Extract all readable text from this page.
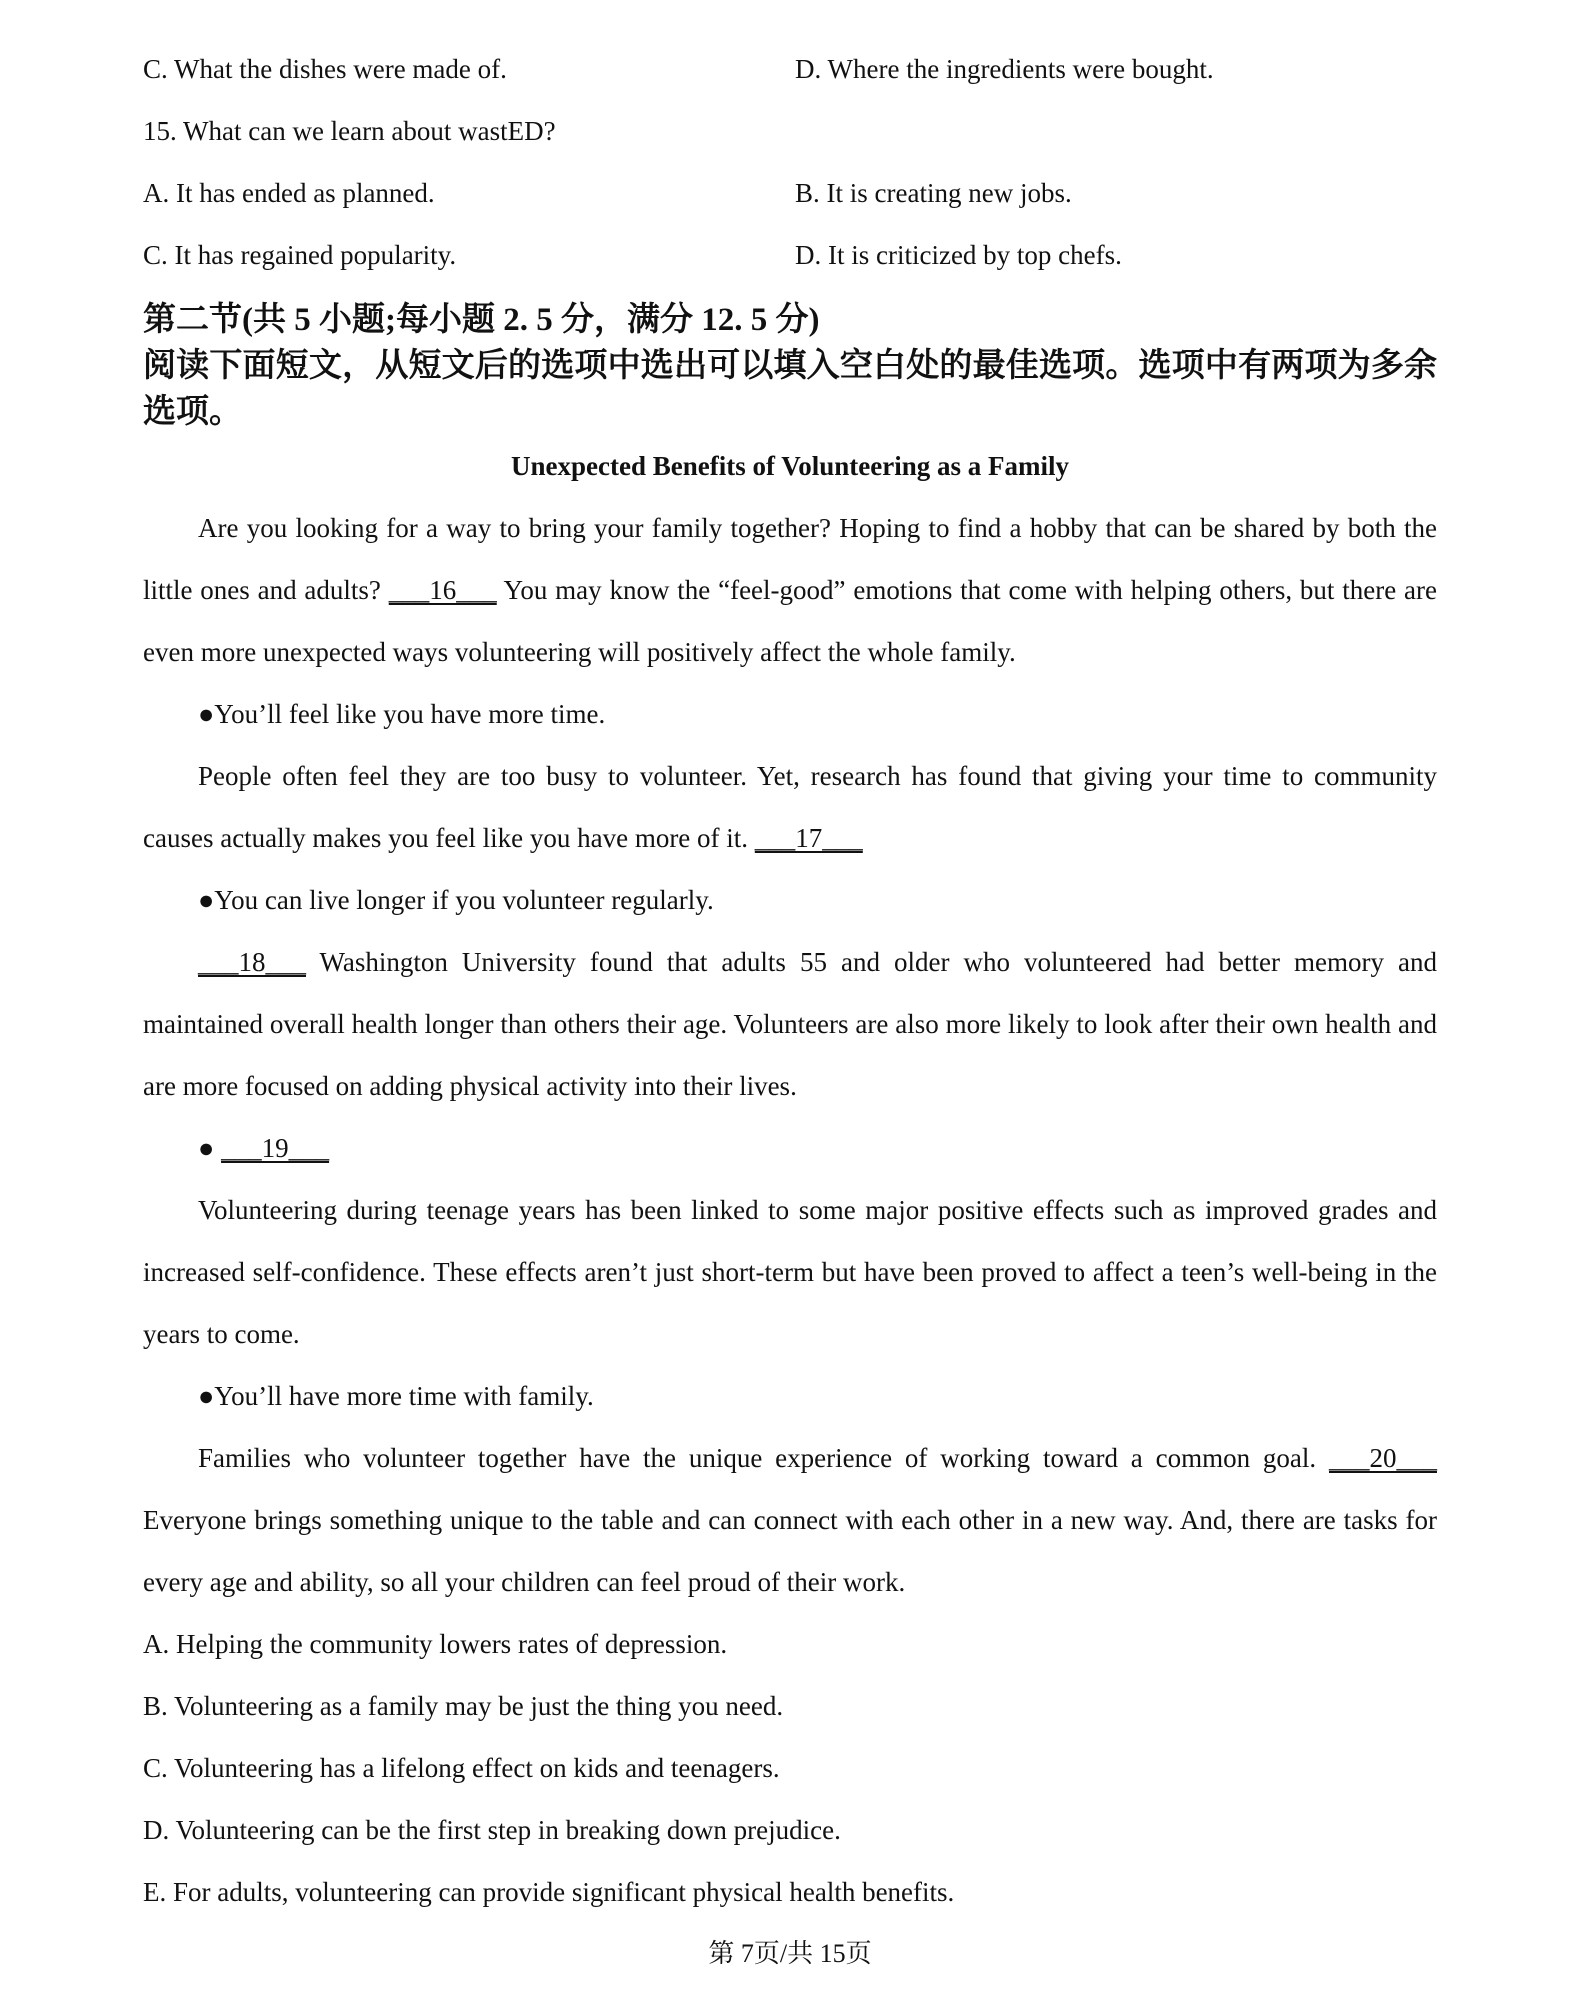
C. What the dishes were made of.	D. Where the ingredients were bought.

15. What can we learn about wastED?

A. It has ended as planned.	B. It is creating new jobs.

C. It has regained popularity.	D. It is criticized by top chefs.

第二节(共 5 小题;每小题 2. 5 分，满分 12. 5 分)

阅读下面短文，从短文后的选项中选出可以填入空白处的最佳选项。选项中有两项为多余选项。

Unexpected Benefits of Volunteering as a Family

Are you looking for a way to bring your family together? Hoping to find a hobby that can be shared by both the little ones and adults? ___16___ You may know the “feel-good” emotions that come with helping others, but there are even more unexpected ways volunteering will positively affect the whole family.

●You’ll feel like you have more time.

People often feel they are too busy to volunteer. Yet, research has found that giving your time to community causes actually makes you feel like you have more of it. ___17___

●You can live longer if you volunteer regularly.

___18___ Washington University found that adults 55 and older who volunteered had better memory and maintained overall health longer than others their age. Volunteers are also more likely to look after their own health and are more focused on adding physical activity into their lives.

● ___19___

Volunteering during teenage years has been linked to some major positive effects such as improved grades and increased self-confidence. These effects aren’t just short-term but have been proved to affect a teen’s well-being in the years to come.

●You’ll have more time with family.

Families who volunteer together have the unique experience of working toward a common goal. ___20___ Everyone brings something unique to the table and can connect with each other in a new way. And, there are tasks for every age and ability, so all your children can feel proud of their work.

A. Helping the community lowers rates of depression.

B. Volunteering as a family may be just the thing you need.

C. Volunteering has a lifelong effect on kids and teenagers.

D. Volunteering can be the first step in breaking down prejudice.

E. For adults, volunteering can provide significant physical health benefits.

第 7页/共 15页
